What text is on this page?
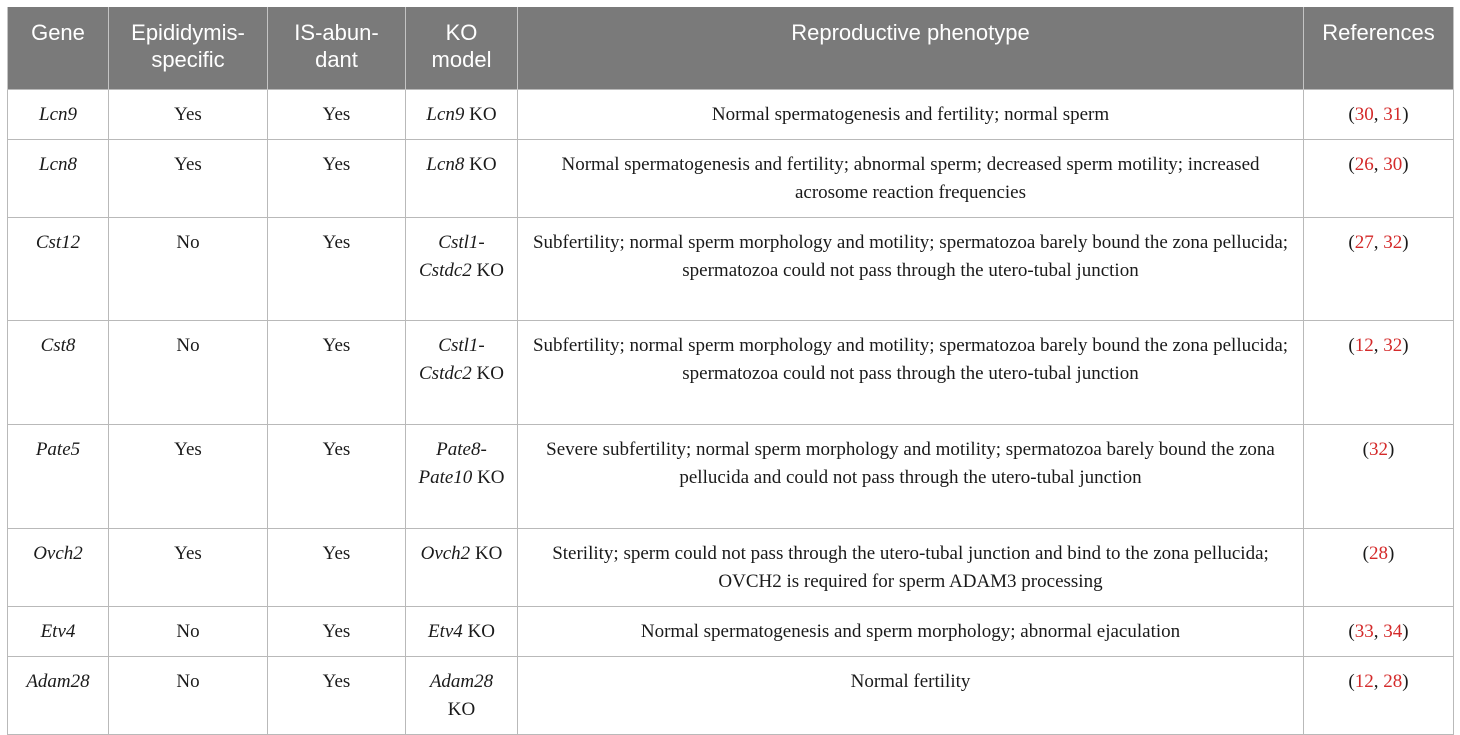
Gene	Epididymis-specific	IS-abun-dant	KO model	Reproductive phenotype	References
Lcn9	Yes	Yes	Lcn9 KO	Normal spermatogenesis and fertility; normal sperm	(30, 31)
Lcn8	Yes	Yes	Lcn8 KO	Normal spermatogenesis and fertility; abnormal sperm; decreased sperm motility; increased acrosome reaction frequencies	(26, 30)
Cst12	No	Yes	Cstl1-Cstdc2 KO	Subfertility; normal sperm morphology and motility; spermatozoa barely bound the zona pellucida; spermatozoa could not pass through the utero-tubal junction	(27, 32)
Cst8	No	Yes	Cstl1-Cstdc2 KO	Subfertility; normal sperm morphology and motility; spermatozoa barely bound the zona pellucida; spermatozoa could not pass through the utero-tubal junction	(12, 32)
Pate5	Yes	Yes	Pate8-Pate10 KO	Severe subfertility; normal sperm morphology and motility; spermatozoa barely bound the zona pellucida and could not pass through the utero-tubal junction	(32)
Ovch2	Yes	Yes	Ovch2 KO	Sterility; sperm could not pass through the utero-tubal junction and bind to the zona pellucida; OVCH2 is required for sperm ADAM3 processing	(28)
Etv4	No	Yes	Etv4 KO	Normal spermatogenesis and sperm morphology; abnormal ejaculation	(33, 34)
Adam28	No	Yes	Adam28 KO	Normal fertility	(12, 28)
